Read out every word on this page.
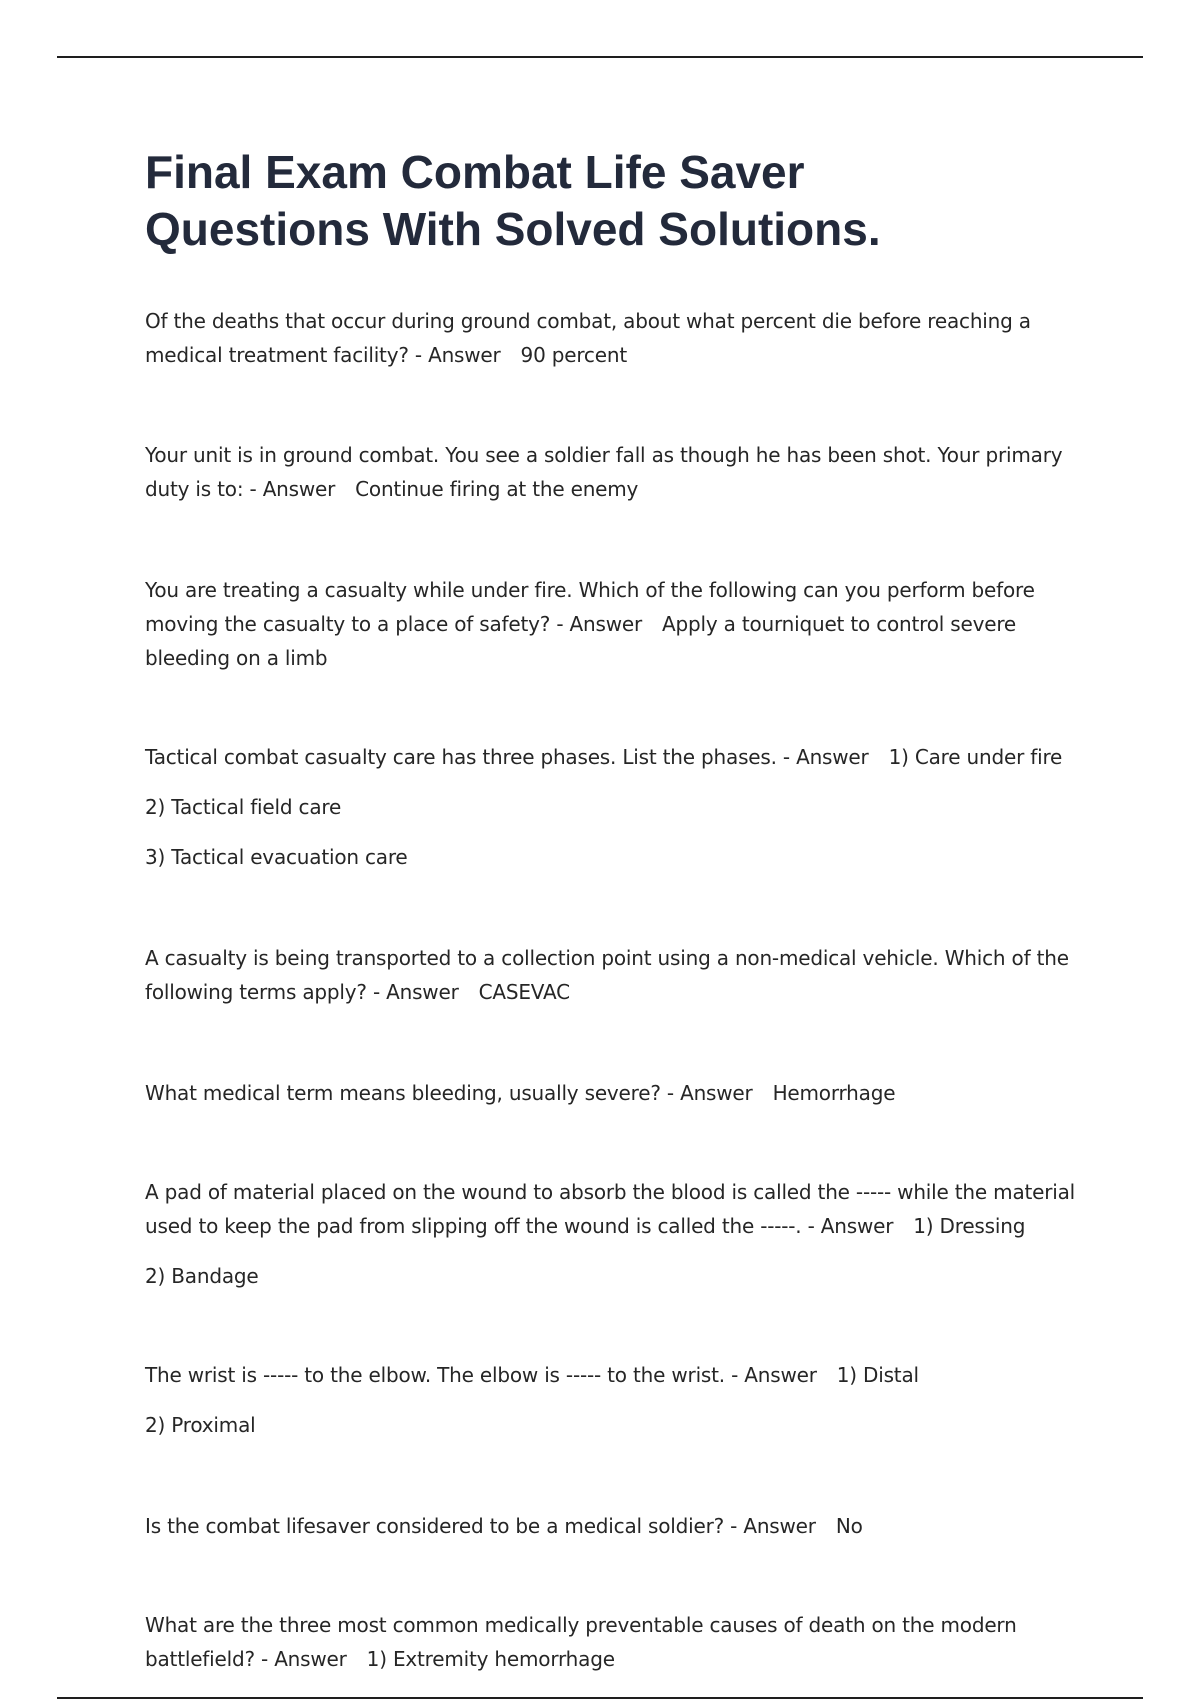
Final Exam Combat Life Saver
Questions With Solved Solutions.

Of the deaths that occur during ground combat, about what percent die before reaching a medical treatment facility? - Answer 90 percent

Your unit is in ground combat. You see a soldier fall as though he has been shot. Your primary duty is to: - Answer Continue firing at the enemy

You are treating a casualty while under fire. Which of the following can you perform before moving the casualty to a place of safety? - Answer Apply a tourniquet to control severe bleeding on a limb

Tactical combat casualty care has three phases. List the phases. - Answer 1) Care under fire

2) Tactical field care

3) Tactical evacuation care

A casualty is being transported to a collection point using a non-medical vehicle. Which of the following terms apply? - Answer CASEVAC

What medical term means bleeding, usually severe? - Answer Hemorrhage

A pad of material placed on the wound to absorb the blood is called the ----- while the material used to keep the pad from slipping off the wound is called the -----. - Answer 1) Dressing

2) Bandage

The wrist is ----- to the elbow. The elbow is ----- to the wrist. - Answer 1) Distal

2) Proximal

Is the combat lifesaver considered to be a medical soldier? - Answer No

What are the three most common medically preventable causes of death on the modern battlefield? - Answer 1) Extremity hemorrhage
